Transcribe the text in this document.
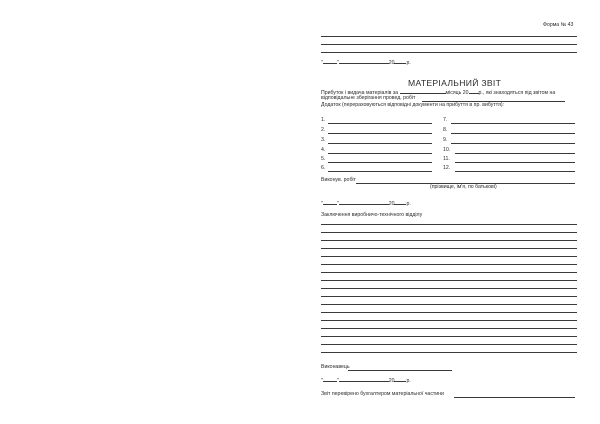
Форма № 43
"	"	20 р.
МАТЕРІАЛЬНИЙ ЗВІТ
Прибуток і видача матеріалів за	місяць 20 р., які знаходяться під звітом на
відповідальне зберігання провед. робіт
Додаток (перераховуються відповідні документи на прибуття в пр. вибуття):
1.
2.
3.
4.
5.
6.
7.
8.
9.
10.
11.
12.
Виконув. робіт
(прізвище, ім'я, по батькові)
"	"	20 р.
Заключення виробничо-технічного відділу
Виконавець
"	"	20 р.
Звіт перевірено бухгалтером матеріальної частини
